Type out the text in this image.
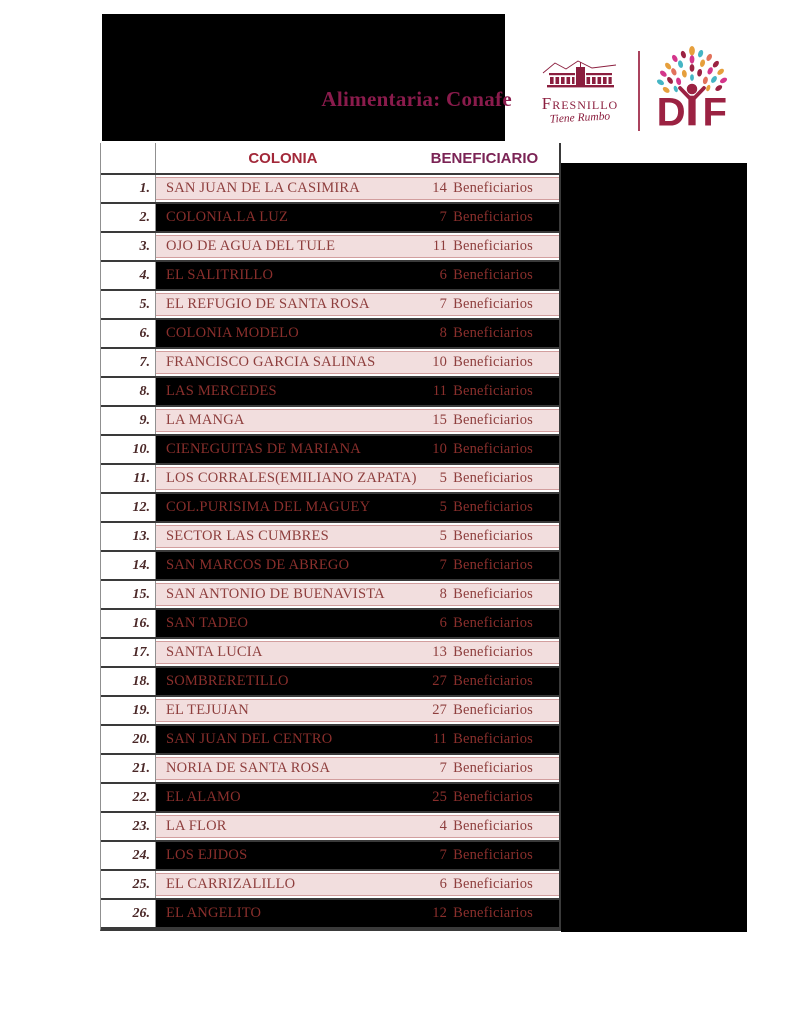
Alimentaria: Conafe	Fresnillo
Tiene Rumbo	D F
COLONIA	BENEFICIARIO
1.	SAN JUAN DE LA CASIMIRA	14 Beneficiarios
2.	COLONIA.LA LUZ	7 Beneficiarios
3.	OJO DE AGUA DEL TULE	11 Beneficiarios
4.	EL SALITRILLO	6 Beneficiarios
5.	EL REFUGIO DE SANTA ROSA	7 Beneficiarios
6.	COLONIA MODELO	8 Beneficiarios
7.	FRANCISCO GARCIA SALINAS	10 Beneficiarios
8.	LAS MERCEDES	11 Beneficiarios
9.	LA MANGA	15 Beneficiarios
10.	CIENEGUITAS DE MARIANA	10 Beneficiarios
11.	LOS CORRALES(EMILIANO ZAPATA)	5 Beneficiarios
12.	COL.PURISIMA DEL MAGUEY	5 Beneficiarios
13.	SECTOR LAS CUMBRES	5 Beneficiarios
14.	SAN MARCOS DE ABREGO	7 Beneficiarios
15.	SAN ANTONIO DE BUENAVISTA	8 Beneficiarios
16.	SAN TADEO	6 Beneficiarios
17.	SANTA LUCIA	13 Beneficiarios
18.	SOMBRERETILLO	27 Beneficiarios
19.	EL TEJUJAN	27 Beneficiarios
20.	SAN JUAN DEL CENTRO	11 Beneficiarios
21.	NORIA DE SANTA ROSA	7 Beneficiarios
22.	EL ALAMO	25 Beneficiarios
23.	LA FLOR	4 Beneficiarios
24.	LOS EJIDOS	7 Beneficiarios
25.	EL CARRIZALILLO	6 Beneficiarios
26.	EL ANGELITO	12 Beneficiarios
